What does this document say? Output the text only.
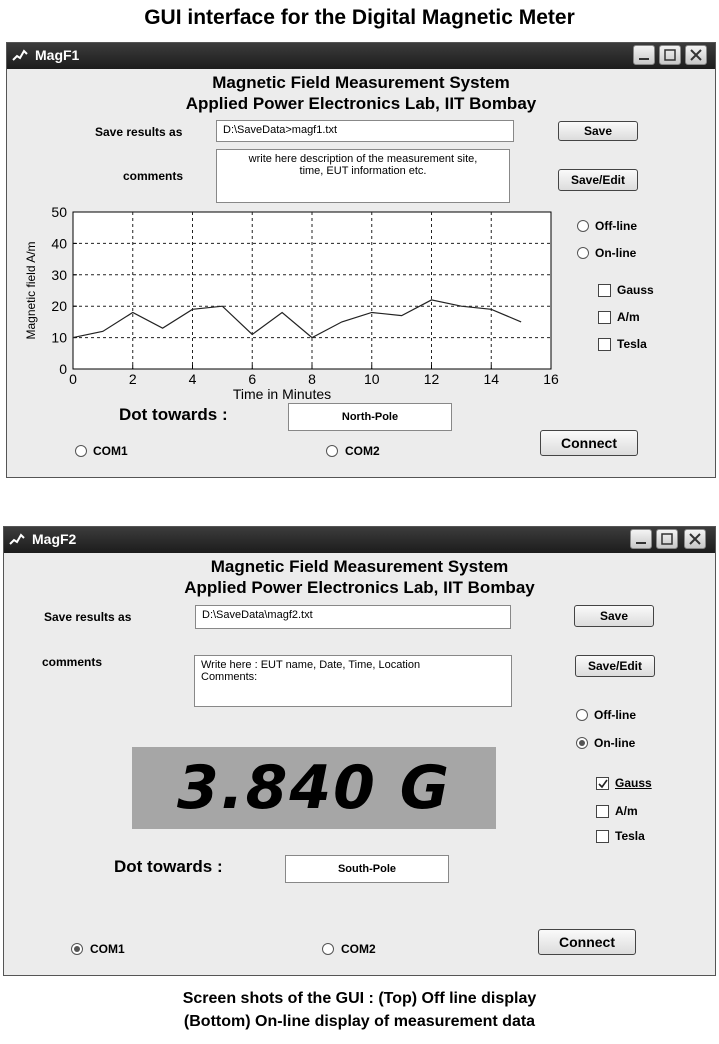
GUI interface for the Digital Magnetic Meter
MagF1
Magnetic Field Measurement System
Applied Power Electronics Lab, IIT Bombay
Save results as	D:\SaveData>magf1.txt	Save
comments
write here description of the measurement site,
time, EUT information etc.
Save/Edit
0	2	4	6	8	10	12	14	16
0
10
20
30
40
50
Time in Minutes
Magnetic field A/m
Off-line
On-line
Gauss
A/m
Tesla
Dot towards :	North-Pole
Connect
COM1	COM2
MagF2
Magnetic Field Measurement System
Applied Power Electronics Lab, IIT Bombay
Save results as	D:\SaveData\magf2.txt	Save
comments	Write here : EUT name, Date, Time, Location
Comments:
Save/Edit
Off-line
On-line
3.840 G	Gauss
A/m
Tesla
Dot towards :	South-Pole
Connect
COM1	COM2
Screen shots of the GUI : (Top) Off line display
(Bottom) On-line display of measurement data
